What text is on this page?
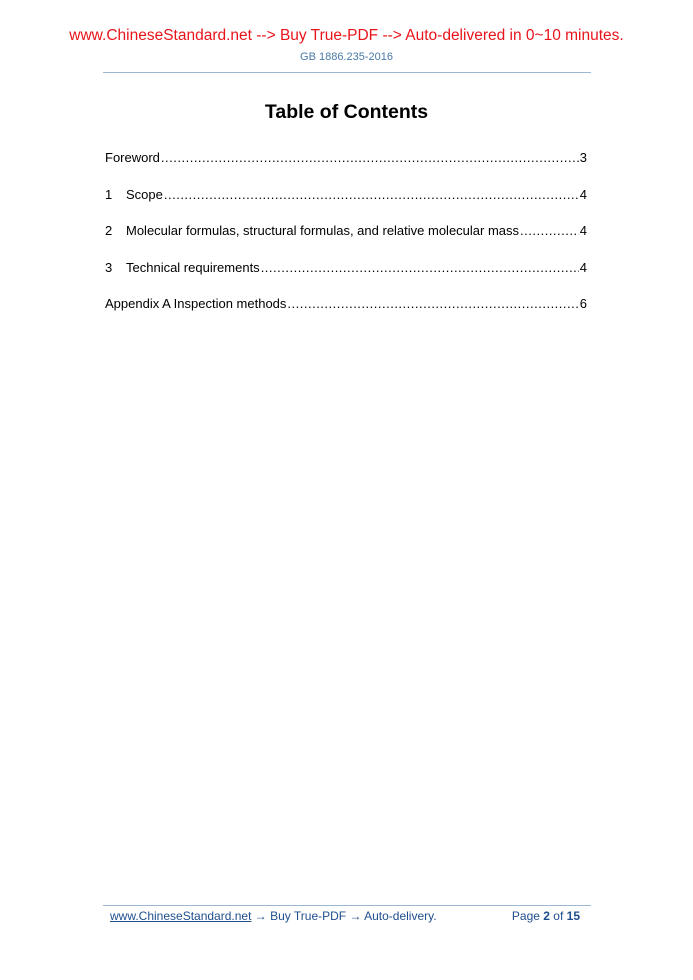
www.ChineseStandard.net --> Buy True-PDF --> Auto-delivered in 0~10 minutes.
GB 1886.235-2016
Table of Contents
Foreword .....	3
1	Scope .....	4
2	Molecular formulas, structural formulas, and relative molecular mass .....	4
3	Technical requirements .....	4
Appendix A Inspection methods .....	6
www.ChineseStandard.net → Buy True-PDF → Auto-delivery.	Page 2 of 15
